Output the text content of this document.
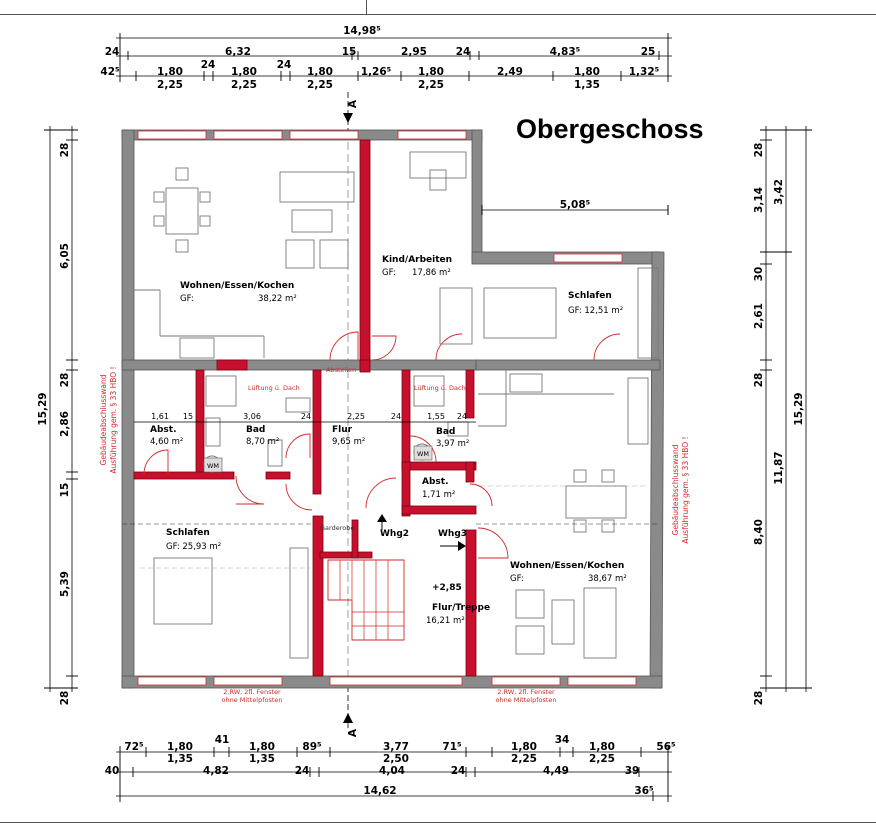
Obergeschoss
14,98⁵
24	6,32	15	2,95	24	4,83⁵	25
42⁵	1,80
24
1,80
24
1,80	1,26⁵	1,80	2,49	1,80	1,32⁵
2,25	2,25	2,25	2,25	1,35
A
A
WM
WM
5,08⁵
1,61 15	3,06	24	2,25	24	1,55 24
Wohnen/Essen/Kochen
GF:	38,22 m²
Kind/Arbeiten
GF: 17,86 m²
Schlafen
GF: 12,51 m²
Abst.
4,60 m²
Bad
8,70 m²
Flur
9,65 m²
Bad
3,97 m²
Abst.
1,71 m²
Schlafen
GF: 25,93 m²
Flur/Treppe
16,21 m²
Wohnen/Essen/Kochen
GF:	38,67 m²
Whg2	Whg3
+2,85
Abstellen
Lüftung ü. Dach	Lüftung ü. Dach
Garderobe
2.RW, 2fl. Fenster
ohne Mittelpfosten
2.RW, 2fl. Fenster
ohne Mittelpfosten
Gebäudeabschlusswand Ausführung gem. § 33 HBO !
Gebäudeabschlusswand Ausführung gem. § 33 HBO !
15,29
28
6,05
28
2,86
15
5,39
28
28
3,14
30
2,61
28
8,40
28
3,42
11,87
15,29
72⁵ 1,80
41
1,80	89⁵	3,77	71⁵	1,80
34
1,80	56⁵
1,35	1,35	2,50	2,25	2,25
40	4,82	24	4,04	24	4,49	39
14,62	36⁵
